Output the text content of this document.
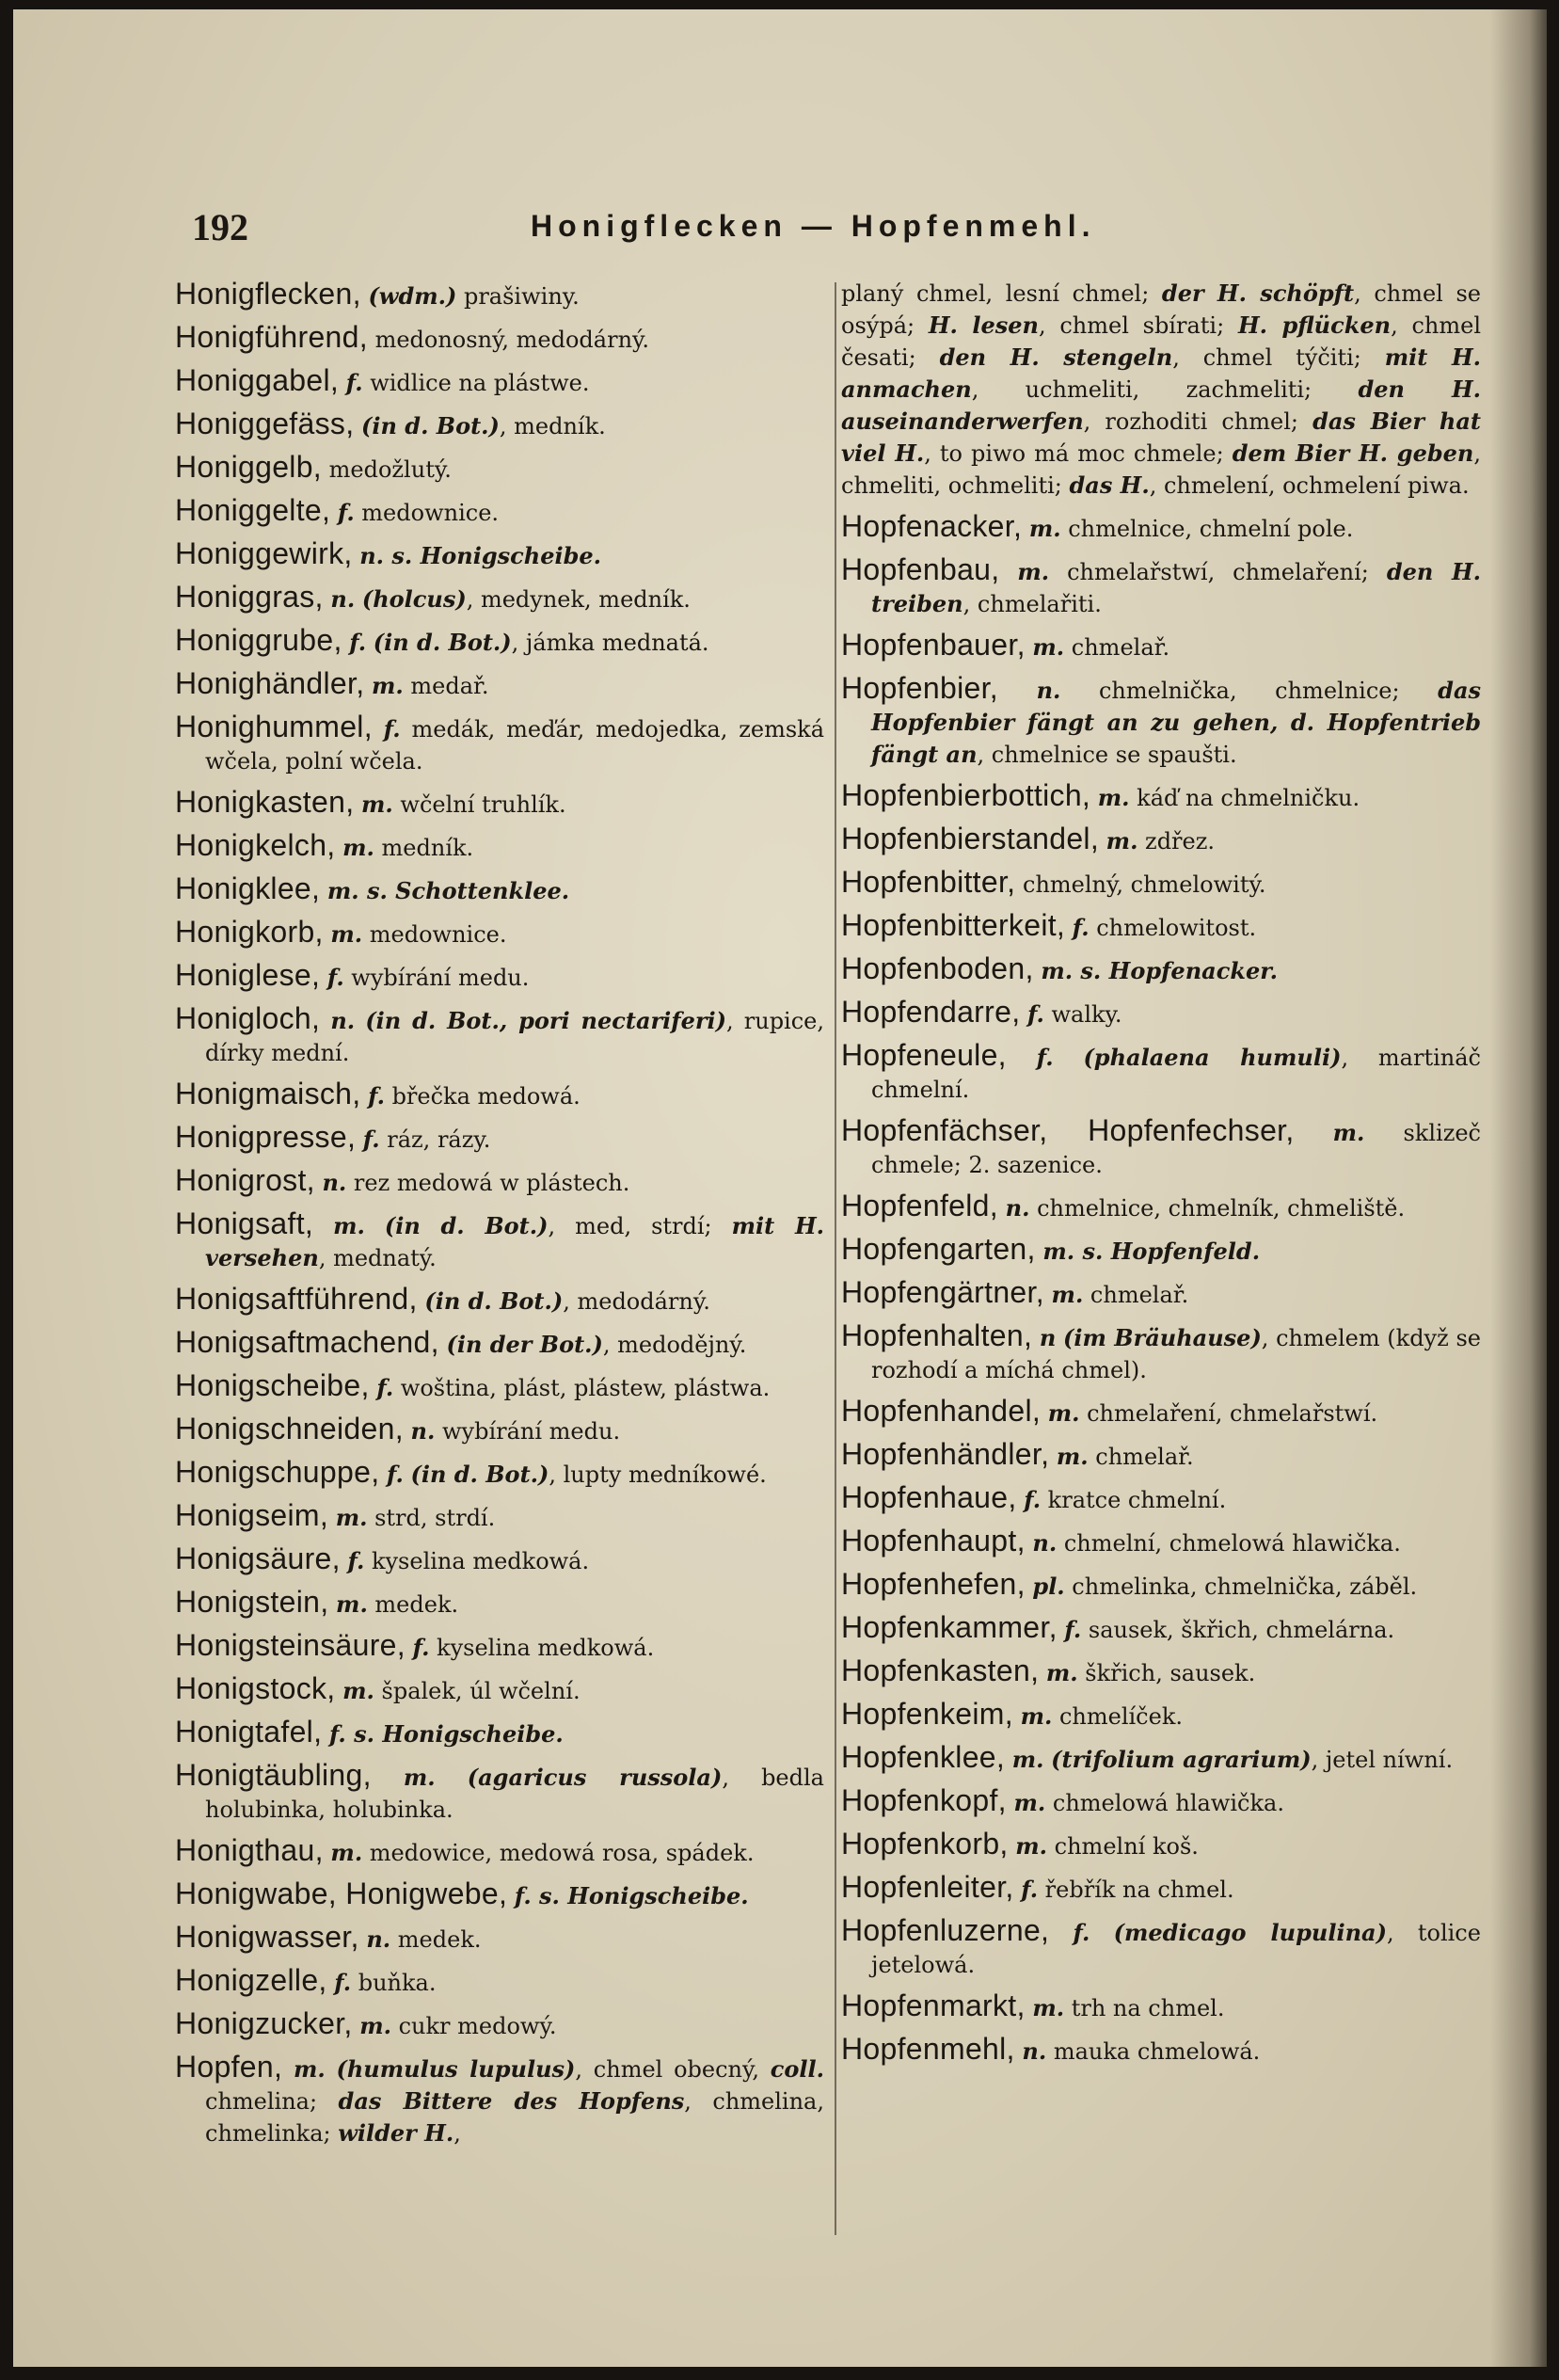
192	Honigflecken — Hopfenmehl.

Honigflecken, (wdm.) prašiwiny.

Honigführend, medonosný, medodárný.

Honiggabel, f. widlice na plástwe.

Honiggefäss, (in d. Bot.), medník.

Honiggelb, medožlutý.

Honiggelte, f. medownice.

Honiggewirk, n. s. Honigscheibe.

Honiggras, n. (holcus), medynek, medník.

Honiggrube, f. (in d. Bot.), jámka mednatá.

Honighändler, m. medař.

Honighummel, f. medák, meďár, medojedka, zemská wčela, polní wčela.

Honigkasten, m. wčelní truhlík.

Honigkelch, m. medník.

Honigklee, m. s. Schottenklee.

Honigkorb, m. medownice.

Honiglese, f. wybírání medu.

Honigloch, n. (in d. Bot., pori nectariferi), rupice, dírky mední.

Honigmaisch, f. břečka medowá.

Honigpresse, f. ráz, rázy.

Honigrost, n. rez medowá w plástech.

Honigsaft, m. (in d. Bot.), med, strdí; mit H. versehen, mednatý.

Honigsaftführend, (in d. Bot.), medodárný.

Honigsaftmachend, (in der Bot.), medodějný.

Honigscheibe, f. woština, plást, plástew, plástwa.

Honigschneiden, n. wybírání medu.

Honigschuppe, f. (in d. Bot.), lupty medníkowé.

Honigseim, m. strd, strdí.

Honigsäure, f. kyselina medkowá.

Honigstein, m. medek.

Honigsteinsäure, f. kyselina medkowá.

Honigstock, m. špalek, úl wčelní.

Honigtafel, f. s. Honigscheibe.

Honigtäubling, m. (agaricus russola), bedla holubinka, holubinka.

Honigthau, m. medowice, medowá rosa, spádek.

Honigwabe, Honigwebe, f. s. Honigscheibe.

Honigwasser, n. medek.

Honigzelle, f. buňka.

Honigzucker, m. cukr medowý.

Hopfen, m. (humulus lupulus), chmel obecný, coll. chmelina; das Bittere des Hopfens, chmelina, chmelinka; wilder H.,

planý chmel, lesní chmel; der H. schöpft, chmel se osýpá; H. lesen, chmel sbírati; H. pflücken, chmel česati; den H. stengeln, chmel týčiti; mit H. anmachen, uchmeliti, zachmeliti; den H. auseinanderwerfen, rozhoditi chmel; das Bier hat viel H., to piwo má moc chmele; dem Bier H. geben, chmeliti, ochmeliti; das H., chmelení, ochmelení piwa.

Hopfenacker, m. chmelnice, chmelní pole.

Hopfenbau, m. chmelařstwí, chmelaření; den H. treiben, chmelařiti.

Hopfenbauer, m. chmelař.

Hopfenbier, n. chmelnička, chmelnice; das Hopfenbier fängt an zu gehen, d. Hopfentrieb fängt an, chmelnice se spaušti.

Hopfenbierbottich, m. káď na chmelničku.

Hopfenbierstandel, m. zdřez.

Hopfenbitter, chmelný, chmelowitý.

Hopfenbitterkeit, f. chmelowitost.

Hopfenboden, m. s. Hopfenacker.

Hopfendarre, f. walky.

Hopfeneule, f. (phalaena humuli), martináč chmelní.

Hopfenfächser, Hopfenfechser, m. sklizeč chmele; 2. sazenice.

Hopfenfeld, n. chmelnice, chmelník, chmeliště.

Hopfengarten, m. s. Hopfenfeld.

Hopfengärtner, m. chmelař.

Hopfenhalten, n (im Bräuhause), chmelem (když se rozhodí a míchá chmel).

Hopfenhandel, m. chmelaření, chmelařstwí.

Hopfenhändler, m. chmelař.

Hopfenhaue, f. kratce chmelní.

Hopfenhaupt, n. chmelní, chmelowá hlawička.

Hopfenhefen, pl. chmelinka, chmelnička, záběl.

Hopfenkammer, f. sausek, škřich, chmelárna.

Hopfenkasten, m. škřich, sausek.

Hopfenkeim, m. chmelíček.

Hopfenklee, m. (trifolium agrarium), jetel níwní.

Hopfenkopf, m. chmelowá hlawička.

Hopfenkorb, m. chmelní koš.

Hopfenleiter, f. řebřík na chmel.

Hopfenluzerne, f. (medicago lupulina), tolice jetelowá.

Hopfenmarkt, m. trh na chmel.

Hopfenmehl, n. mauka chmelowá.
